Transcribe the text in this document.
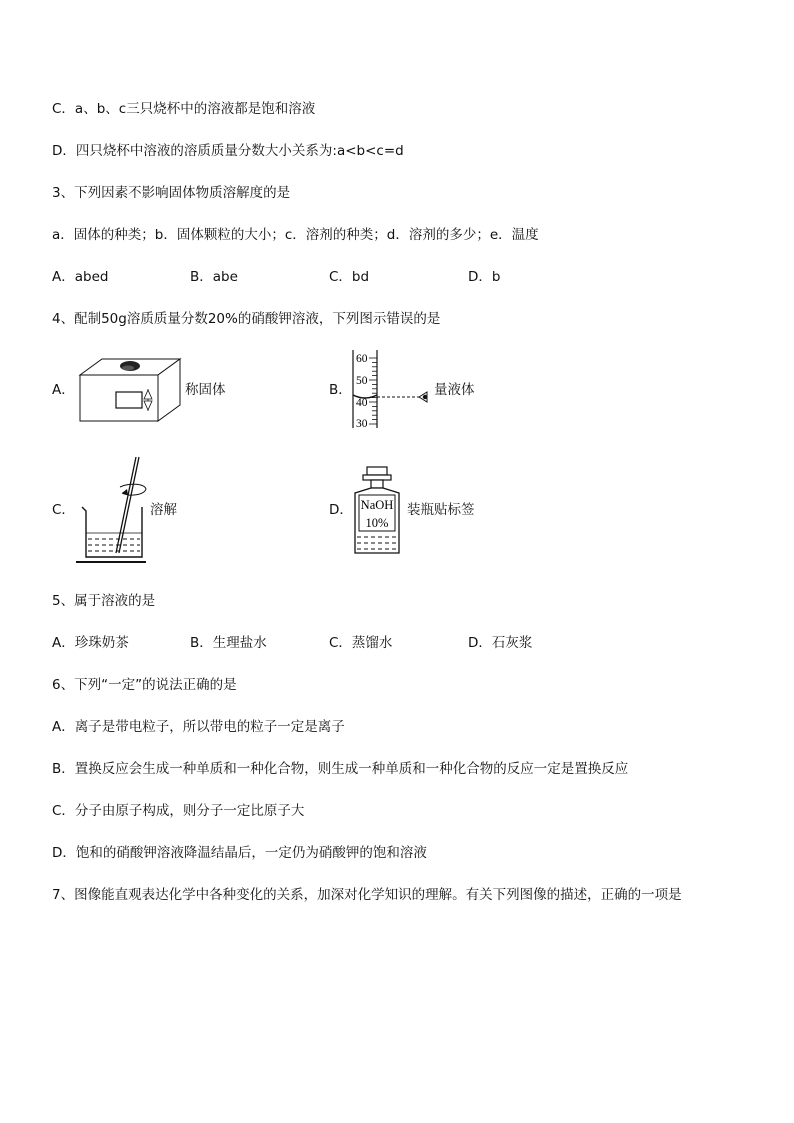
C．a、b、c三只烧杯中的溶液都是饱和溶液
D．四只烧杯中溶液的溶质质量分数大小关系为:a<b<c=d
3、下列因素不影响固体物质溶解度的是
a．固体的种类；b．固体颗粒的大小；c．溶剂的种类；d．溶剂的多少；e．温度
A．abed	B．abe	C．bd	D．b
4、配制50g溶质质量分数20%的硝酸钾溶液，下列图示错误的是
A．	称固体	B．
60
50
40
30
量液体
C．	溶解	D． NaOH
10%
装瓶贴标签
5、属于溶液的是
A．珍珠奶茶	B．生理盐水	C．蒸馏水	D．石灰浆
6、下列“一定”的说法正确的是
A．离子是带电粒子，所以带电的粒子一定是离子
B．置换反应会生成一种单质和一种化合物，则生成一种单质和一种化合物的反应一定是置换反应
C．分子由原子构成，则分子一定比原子大
D．饱和的硝酸钾溶液降温结晶后，一定仍为硝酸钾的饱和溶液
7、图像能直观表达化学中各种变化的关系，加深对化学知识的理解。有关下列图像的描述，正确的一项是
